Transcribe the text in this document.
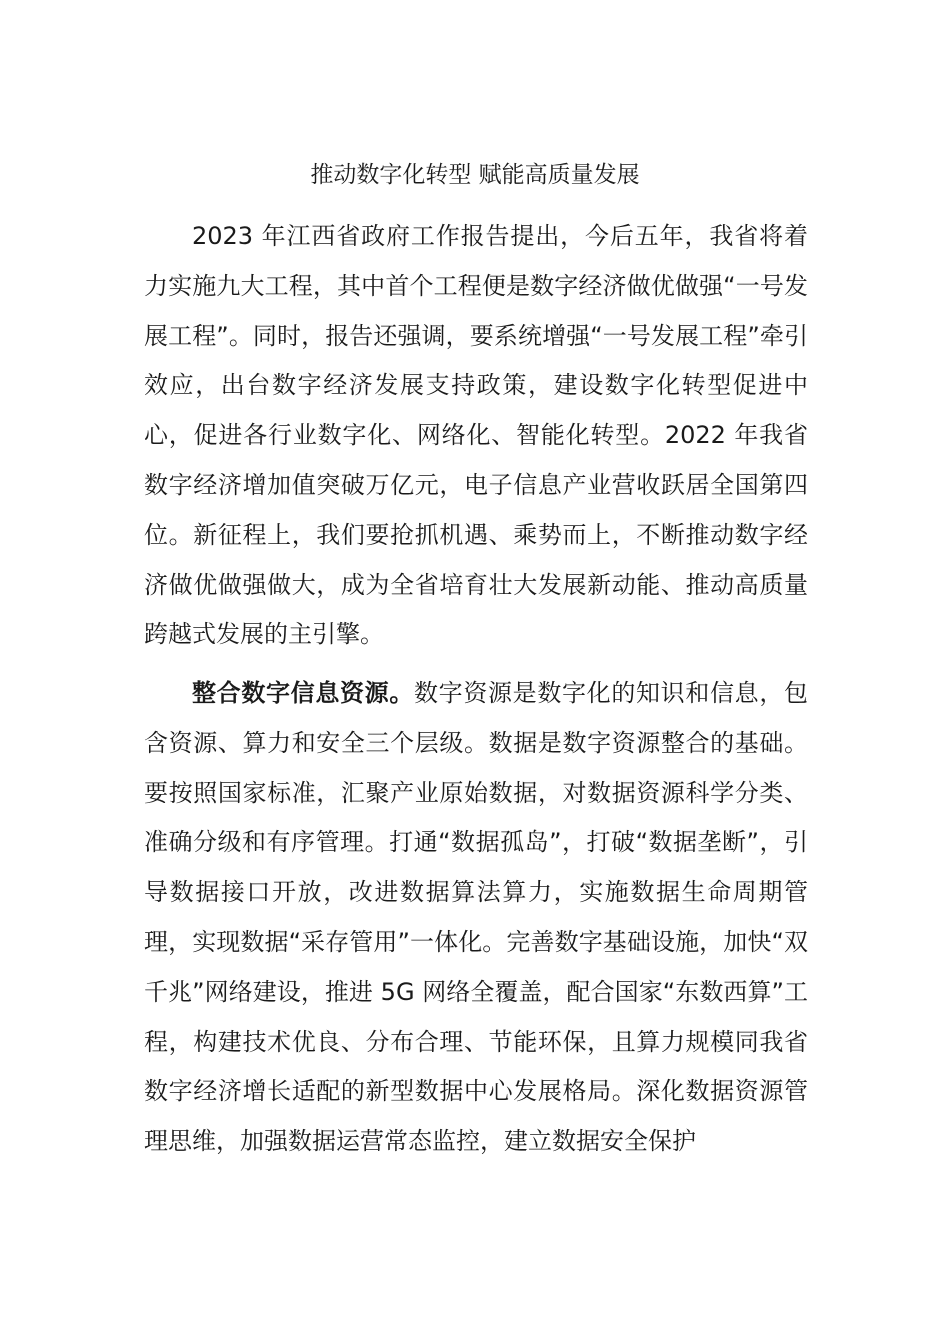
推动数字化转型 赋能高质量发展

2023 年江西省政府工作报告提出，今后五年，我省将着力实施九大工程，其中首个工程便是数字经济做优做强“一号发展工程”。同时，报告还强调，要系统增强“一号发展工程”牵引效应，出台数字经济发展支持政策，建设数字化转型促进中心，促进各行业数字化、网络化、智能化转型。2022 年我省数字经济增加值突破万亿元，电子信息产业营收跃居全国第四位。新征程上，我们要抢抓机遇、乘势而上，不断推动数字经济做优做强做大，成为全省培育壮大发展新动能、推动高质量跨越式发展的主引擎。

整合数字信息资源。数字资源是数字化的知识和信息，包含资源、算力和安全三个层级。数据是数字资源整合的基础。要按照国家标准，汇聚产业原始数据，对数据资源科学分类、准确分级和有序管理。打通“数据孤岛”，打破“数据垄断”，引导数据接口开放，改进数据算法算力，实施数据生命周期管理，实现数据“采存管用”一体化。完善数字基础设施，加快“双千兆”网络建设，推进 5G 网络全覆盖，配合国家“东数西算”工程，构建技术优良、分布合理、节能环保，且算力规模同我省数字经济增长适配的新型数据中心发展格局。深化数据资源管理思维，加强数据运营常态监控，建立数据安全保护
